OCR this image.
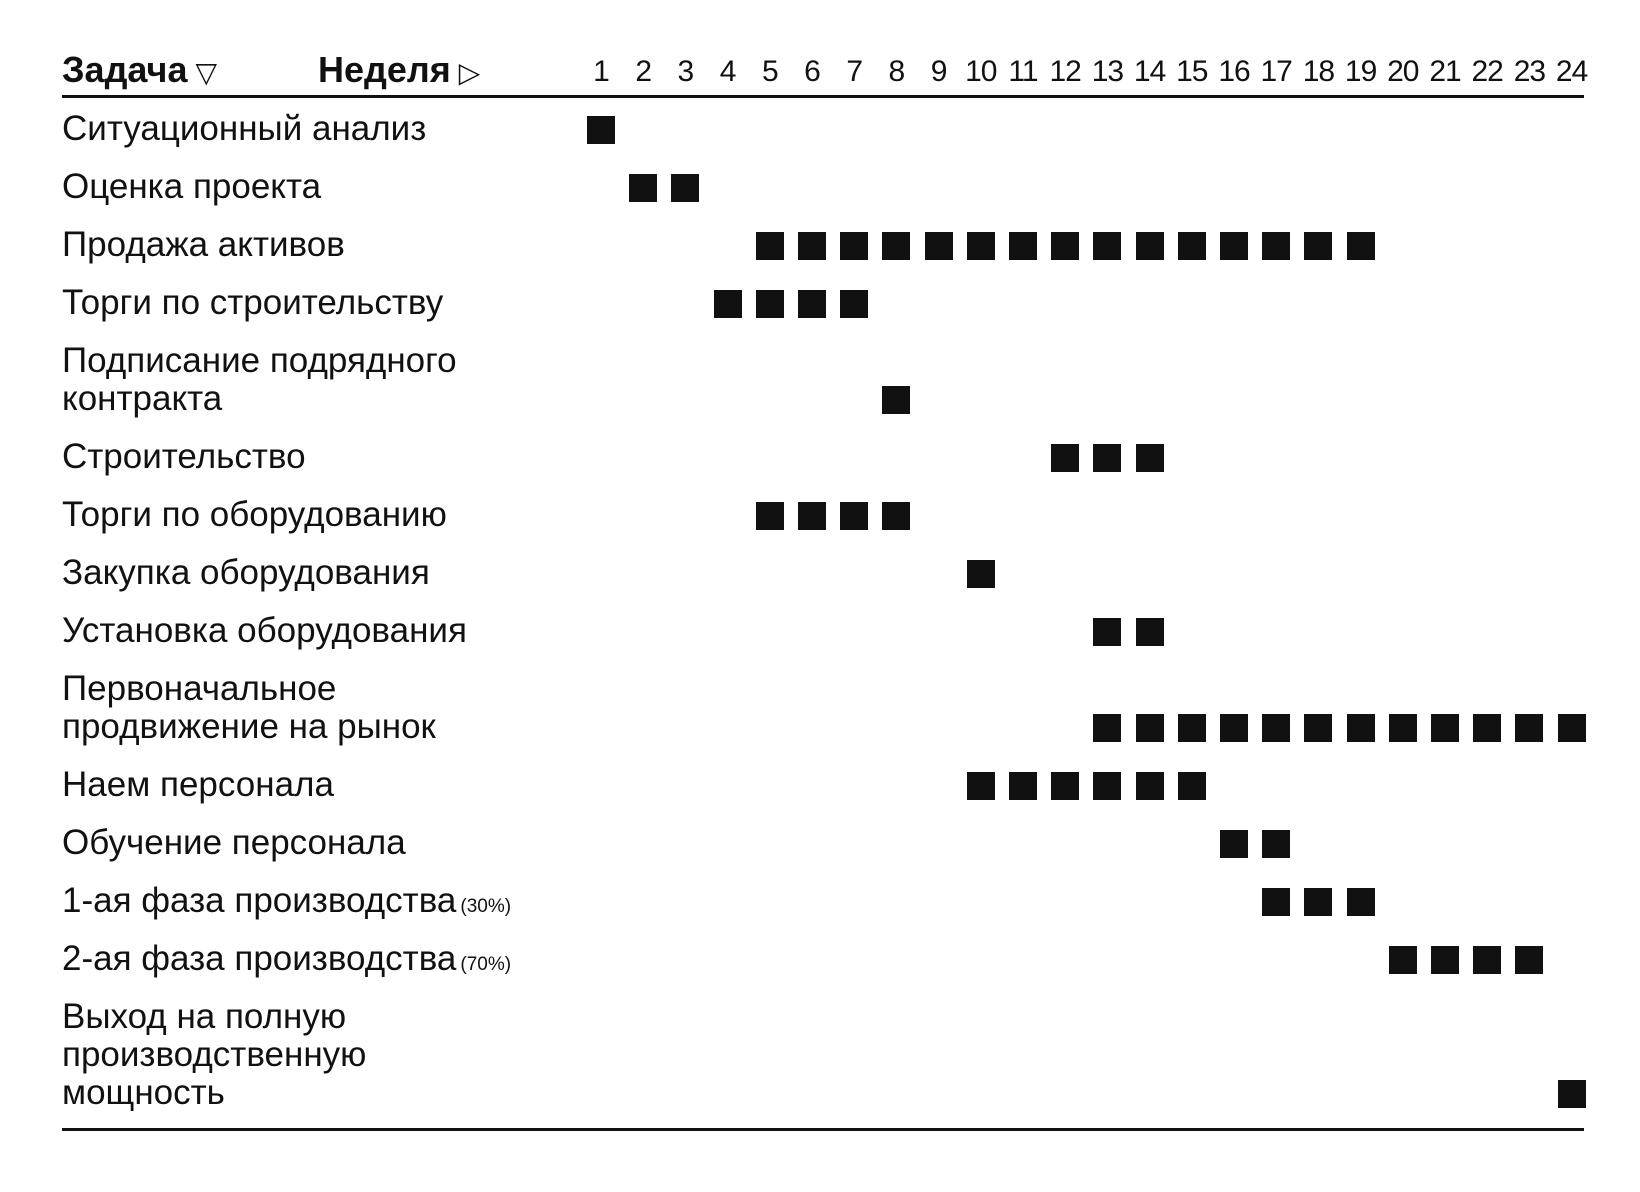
Задача ▽	Неделя ▷	1 2 3 4 5 6 7 8 9 10 11 12 13 14 15 16 17 18 19 20 21 22 23 24
Ситуационный анализ
Оценка проекта
Продажа активов
Торги по строительству
Подписание подрядного
контракта
Строительство
Торги по оборудованию
Закупка оборудования
Установка оборудования
Первоначальное
продвижение на рынок
Наем персонала
Обучение персонала
1-ая фаза производства (30%)
2-ая фаза производства (70%)
Выход на полную
производственную
мощность
